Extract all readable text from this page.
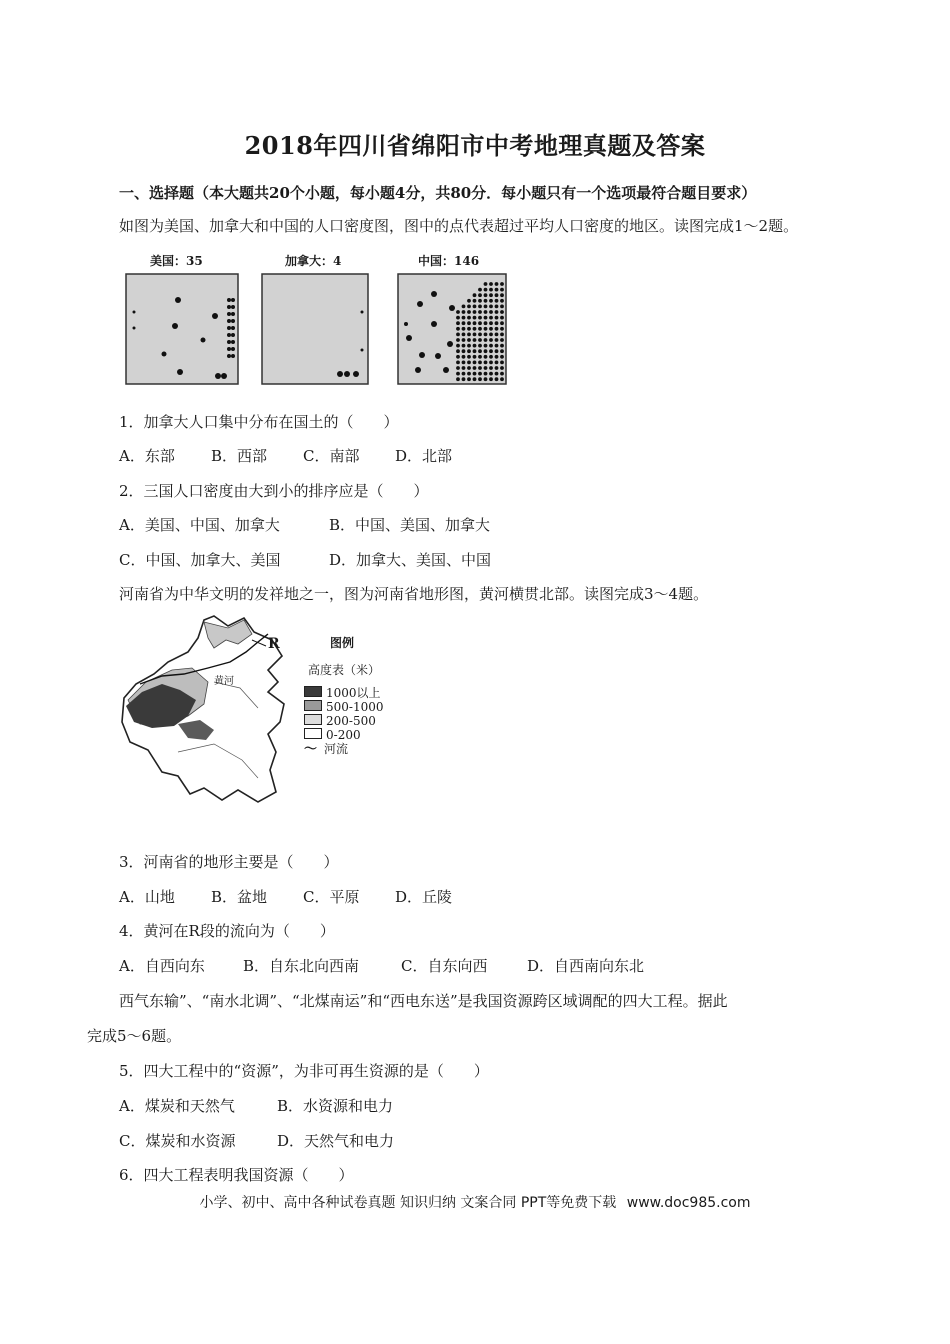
2018年四川省绵阳市中考地理真题及答案
一、选择题（本大题共20个小题，每小题4分，共80分．每小题只有一个选项最符合题目要求）
如图为美国、加拿大和中国的人口密度图，图中的点代表超过平均人口密度的地区。读图完成1～2题。
美国：35	加拿大：4	中国：146
1．加拿大人口集中分布在国土的（　　）
A．东部 B．西部 C．南部 D．北部
2．三国人口密度由大到小的排序应是（　　）
A．美国、中国、加拿大	B．中国、美国、加拿大
C．中国、加拿大、美国	D．加拿大、美国、中国
河南省为中华文明的发祥地之一，图为河南省地形图，黄河横贯北部。读图完成3～4题。
R
黄河
图例
高度表（米）
1000以上
500-1000
200-500
0-200
〜 河流
3．河南省的地形主要是（　　）
A．山地 B．盆地 C．平原 D．丘陵
4．黄河在R段的流向为（　　）
A．自西向东	B．自东北向西南	C．自东向西	D．自西南向东北
西气东输”、“南水北调”、“北煤南运”和“西电东送”是我国资源跨区域调配的四大工程。据此
完成5～6题。
5．四大工程中的“资源”，为非可再生资源的是（　　）
A．煤炭和天然气	B．水资源和电力
C．煤炭和水资源	D．天然气和电力
6．四大工程表明我国资源（　　）
小学、初中、高中各种试卷真题 知识归纳 文案合同 PPT等免费下载 www.doc985.com
